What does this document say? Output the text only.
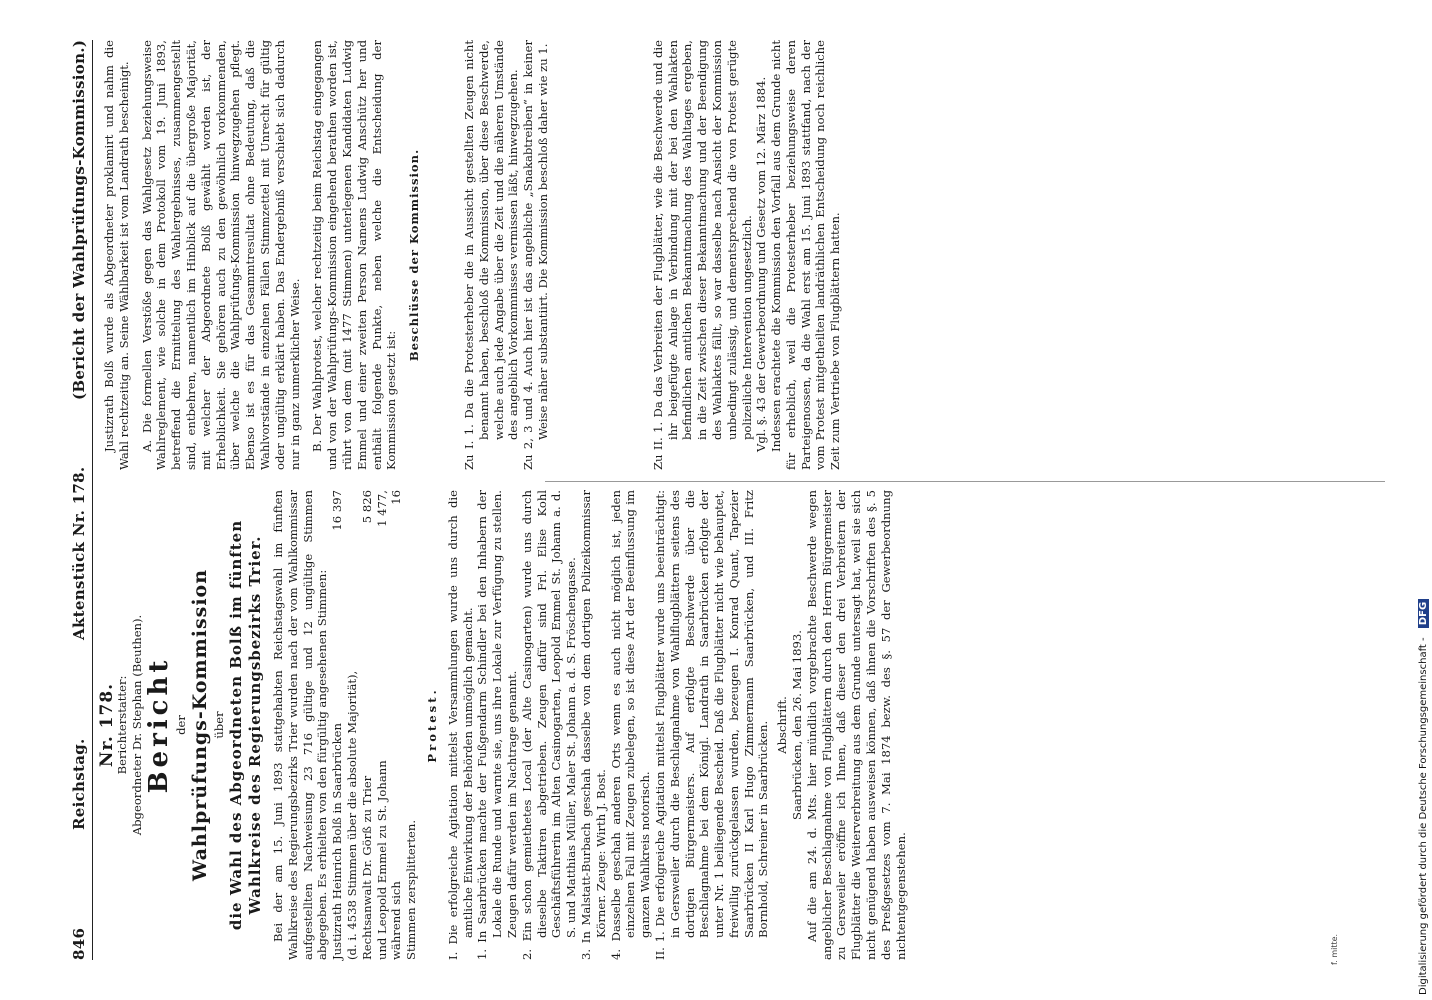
846
Reichstag.
Aktenstück Nr. 178.
(Bericht der Wahlprüfungs-Kommission.)
Nr. 178.
Berichterstatter: Abgeordneter Dr. Stephan (Beuthen). Bericht der Wahlprüfungs-Kommission über die Wahl des Abgeordneten Bolß im fünften Wahlkreise des Regierungsbezirks Trier. Bei der am 15. Juni 1893 stattgehabten Reichstagswahl im fünften Wahlkreise des Regierungsbezirks Trier wurden nach der vom Wahlkommissar aufgestellten Nachweisung 23 716 gültige und 12 ungültige Stimmen abgegeben. Es erhielten von den fürgültig angesehenen Stimmen: Justizrath Heinrich Bolß in Saarbrücken
16 397
(d. i. 4538 Stimmen über die absolute Majorität), Rechtsanwalt Dr. Görß zu Trier
5 826
und Leopold Emmel zu St. Johann
1 477,
während sich
16
Stimmen zersplitterten.
Protest. I. Die erfolgreiche Agitation mittelst Versammlungen wurde uns durch die amtliche Einwirkung der Behörden unmöglich gemacht. 1. In Saarbrücken machte der Fußgendarm Schindler bei den Inhabern der Lokale die Runde und warnte sie, uns ihre Lokale zur Verfügung zu stellen. Zeugen dafür werden im Nachtrage genannt. 2. Ein schon gemiethetes Local (der Alte Casinogarten) wurde uns durch dieselbe Taktiren abgetrieben. Zeugen dafür sind Frl. Elise Kohl Geschäftsführerin im Alten Casinogarten, Leopold Emmel St. Johann a. d. S. und Matthias Müller, Maler St. Johann a. d. S. Fröschengasse. 3. In Malstatt-Burbach geschah dasselbe von dem dortigen Polizeikommissar Körner. Zeuge: Wirth J. Bost. 4. Dasselbe geschah anderen Orts wenn es auch nicht möglich ist, jeden einzelnen Fall mit Zeugen zubelegen, so ist diese Art der Beeinflussung im ganzen Wahlkreis notorisch. II. 1. Die erfolgreiche Agitation mittelst Flugblätter wurde uns beeinträchtigt: in Gersweiler durch die Beschlagnahme von Wahlflugblättern seitens des dortigen Bürgermeisters. Auf erfolgte Beschwerde über die Beschlagnahme bei dem Königl. Landrath in Saarbrücken erfolgte der unter Nr. 1 beiliegende Bescheid. Daß die Flugblätter nicht wie behauptet, freiwillig zurückgelassen wurden, bezeugen I. Konrad Quant, Tapezier Saarbrücken II Karl Hugo Zimmermann Saarbrücken, und III. Fritz Bornhold, Schreiner in Saarbrücken. Abschrift. Saarbrücken, den 26. Mai 1893. Auf die am 24. d. Mts. hier mündlich vorgebrachte Beschwerde wegen angeblicher Beschlagnahme von Flugblättern durch den Herrn Bürgermeister zu Gersweiler eröffne ich Ihnen, daß dieser den drei Verbreitern der Flugblätter die Weiterverbreitung aus dem Grunde untersagt hat, weil sie sich nicht genügend haben ausweisen können, daß ihnen die Vorschriften des §. 5 des Preßgesetzes vom 7. Mai 1874 bezw. des §. 57 der Gewerbeordnung nichtentgegenstehen.

Justizrath Bolß wurde als Abgeordneter proklamirt und nahm die Wahl rechtzeitig an. Seine Wählbarkeit ist vom Landrath bescheinigt. A. Die formellen Verstöße gegen das Wahlgesetz beziehungsweise Wahlreglement, wie solche in dem Protokoll vom 19. Juni 1893, betreffend die Ermittelung des Wahlergebnisses, zusammengestellt sind, entbehren, namentlich im Hinblick auf die übergroße Majorität, mit welcher der Abgeordnete Bolß gewählt worden ist, der Erheblichkeit. Sie gehören auch zu den gewöhnlich vorkommenden, über welche die Wahlprüfungs-Kommission hinwegzugehen pflegt. Ebenso ist es für das Gesammtresultat ohne Bedeutung, daß die Wahlvorstände in einzelnen Fällen Stimmzettel mit Unrecht für gültig oder ungültig erklärt haben. Das Endergebniß verschiebt sich dadurch nur in ganz unmerklicher Weise. B. Der Wahlprotest, welcher rechtzeitig beim Reichstag eingegangen und von der Wahlprüfungs-Kommission eingehend berathen worden ist, rührt von dem (mit 1477 Stimmen) unterlegenen Kandidaten Ludwig Emmel und einer zweiten Person Namens Ludwig Anschütz her und enthält folgende Punkte, neben welche die Entscheidung der Kommission gesetzt ist:

Beschlüsse der Kommission.	Zu I. 1. Da die Protesterheber die in Aussicht gestellten Zeugen nicht benannt haben, beschloß die Kommission, über diese Beschwerde, welche auch jede Angabe über die Zeit und die näheren Umstände des angeblich Vorkommnisses vermissen läßt, hinwegzugehen. Zu 2, 3 und 4. Auch hier ist das angebliche „Snakabtreiben“ in keiner Weise näher substantiirt. Die Kommission beschloß daher wie zu 1.	Zu II. 1. Da das Verbreiten der Flugblätter, wie die Beschwerde und die ihr beigefügte Anlage in Verbindung mit der bei den Wahlakten befindlichen amtlichen Bekanntmachung des Wahltages ergeben, in die Zeit zwischen dieser Bekanntmachung und der Beendigung des Wahlaktes fällt, so war dasselbe nach Ansicht der Kommission unbedingt zulässig, und dementsprechend die von Protest gerügte polizeiliche Intervention ungesetzlich. Vgl. §. 43 der Gewerbeordnung und Gesetz vom 12. März 1884. Indessen erachtete die Kommission den Vorfall aus dem Grunde nicht für erheblich, weil die Protesterheber beziehungsweise deren Parteigenossen, da die Wahl erst am 15. Juni 1893 stattfand, nach der vom Protest mitgetheilten landräthlichen Entscheidung noch reichliche Zeit zum Vertriebe von Flugblättern hatten.

Digitalisierung gefördert durch die Deutsche Forschungsgemeinschaft - DFG
f. mitte.
